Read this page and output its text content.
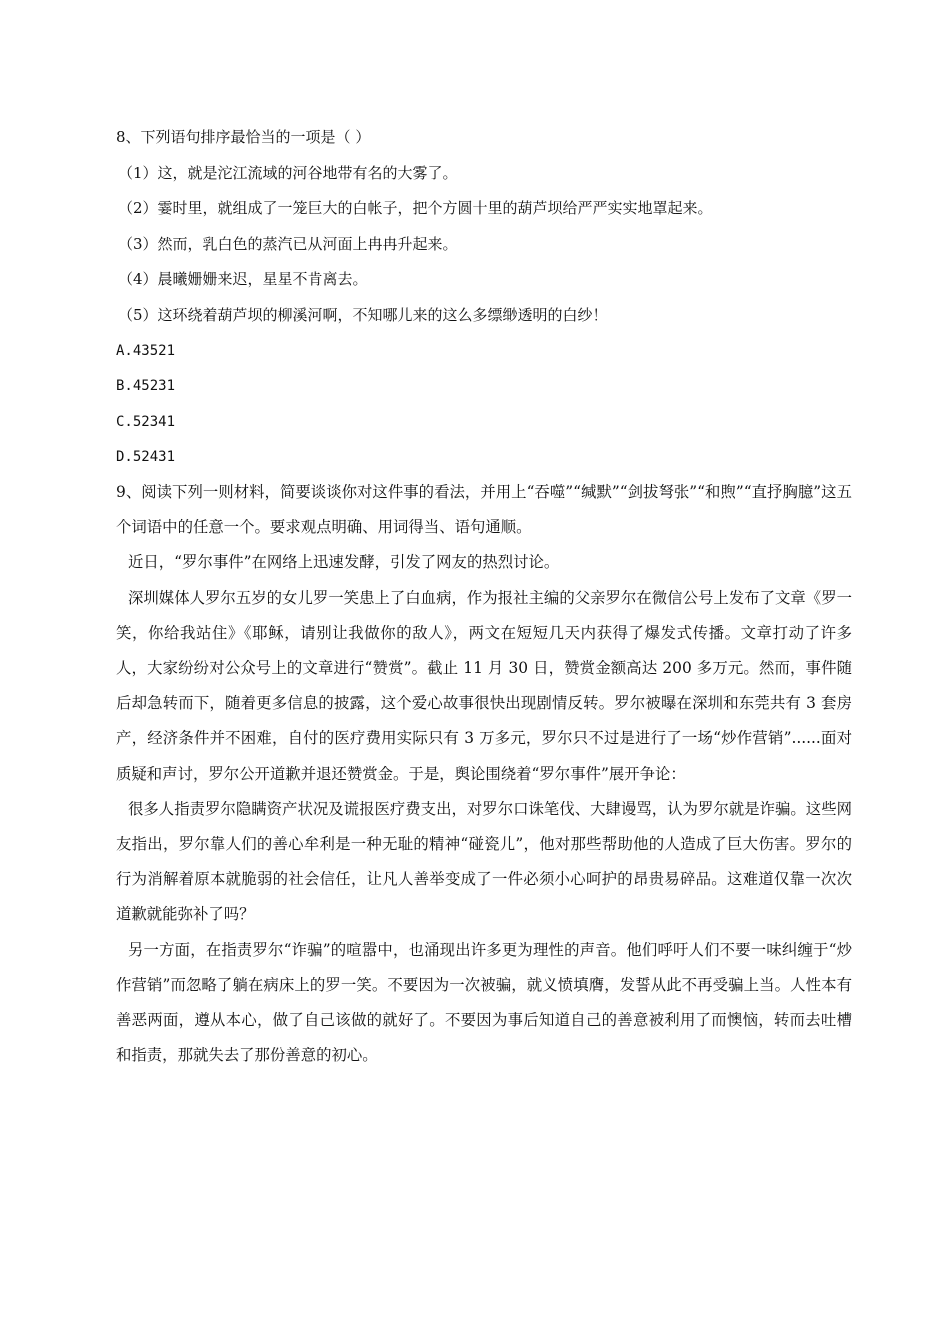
8、下列语句排序最恰当的一项是（ ）
（1）这，就是沱江流域的河谷地带有名的大雾了。
（2）霎时里，就组成了一笼巨大的白帐子，把个方圆十里的葫芦坝给严严实实地罩起来。
（3）然而，乳白色的蒸汽已从河面上冉冉升起来。
（4）晨曦姗姗来迟，星星不肯离去。
（5）这环绕着葫芦坝的柳溪河啊，不知哪儿来的这么多缥缈透明的白纱！
A.43521
B.45231
C.52341
D.52431

9、阅读下列一则材料，简要谈谈你对这件事的看法，并用上“吞噬”“缄默”“剑拔弩张”“和煦”“直抒胸臆”这五个词语中的任意一个。要求观点明确、用词得当、语句通顺。

近日，“罗尔事件”在网络上迅速发酵，引发了网友的热烈讨论。

深圳媒体人罗尔五岁的女儿罗一笑患上了白血病，作为报社主编的父亲罗尔在微信公号上发布了文章《罗一笑，你给我站住》《耶稣，请别让我做你的敌人》，两文在短短几天内获得了爆发式传播。文章打动了许多人，大家纷纷对公众号上的文章进行“赞赏”。截止 11 月 30 日，赞赏金额高达 200 多万元。然而，事件随后却急转而下，随着更多信息的披露，这个爱心故事很快出现剧情反转。罗尔被曝在深圳和东莞共有 3 套房产，经济条件并不困难，自付的医疗费用实际只有 3 万多元，罗尔只不过是进行了一场“炒作营销”......面对质疑和声讨，罗尔公开道歉并退还赞赏金。于是，舆论围绕着“罗尔事件”展开争论：

很多人指责罗尔隐瞒资产状况及谎报医疗费支出，对罗尔口诛笔伐、大肆谩骂，认为罗尔就是诈骗。这些网友指出，罗尔靠人们的善心牟利是一种无耻的精神“碰瓷儿”，他对那些帮助他的人造成了巨大伤害。罗尔的行为消解着原本就脆弱的社会信任，让凡人善举变成了一件必须小心呵护的昂贵易碎品。这难道仅靠一次次道歉就能弥补了吗？

另一方面，在指责罗尔“诈骗”的喧嚣中，也涌现出许多更为理性的声音。他们呼吁人们不要一味纠缠于“炒作营销”而忽略了躺在病床上的罗一笑。不要因为一次被骗，就义愤填膺，发誓从此不再受骗上当。人性本有善恶两面，遵从本心，做了自己该做的就好了。不要因为事后知道自己的善意被利用了而懊恼，转而去吐槽和指责，那就失去了那份善意的初心。
